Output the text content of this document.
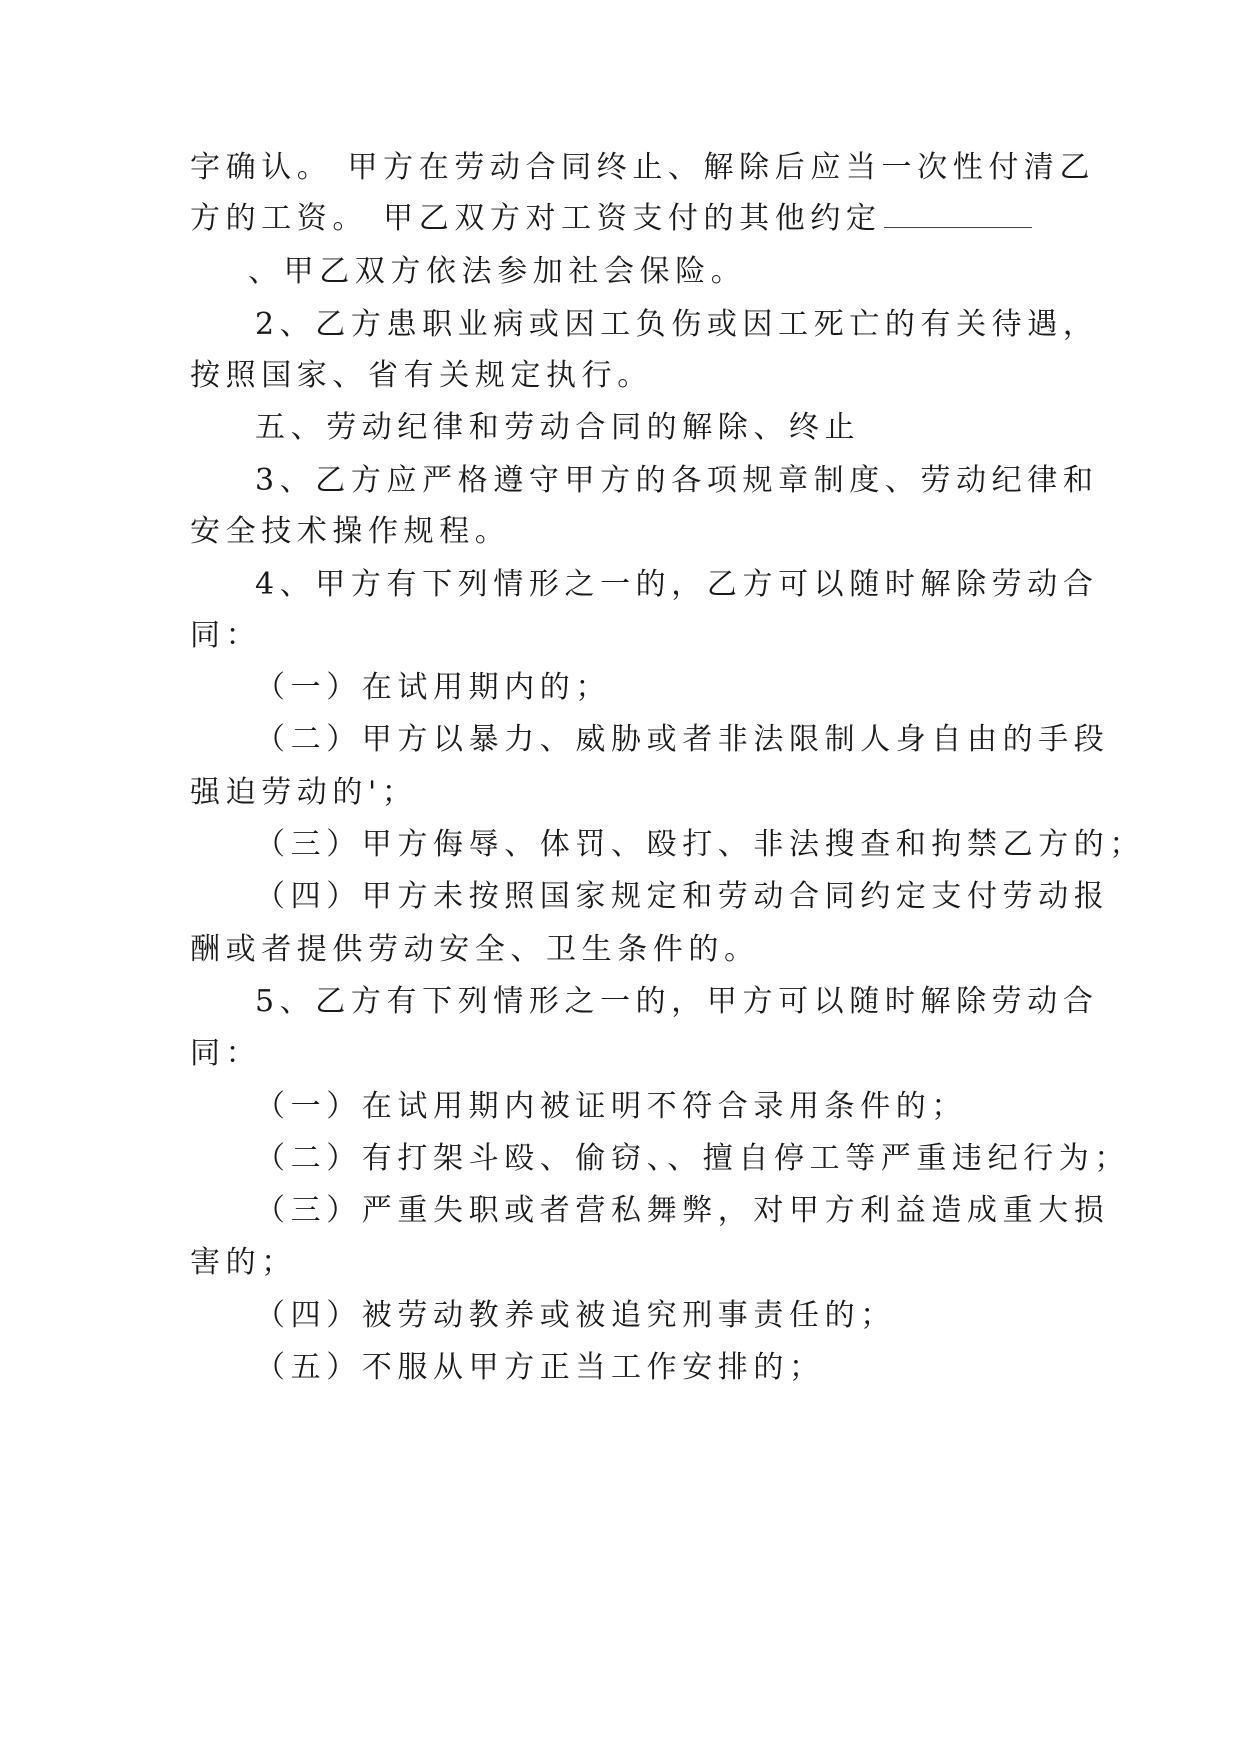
字确认。 甲方在劳动合同终止、解除后应当一次性付清乙
方的工资。 甲乙双方对工资支付的其他约定
、甲乙双方依法参加社会保险。
2、乙方患职业病或因工负伤或因工死亡的有关待遇，
按照国家、省有关规定执行。
五、劳动纪律和劳动合同的解除、终止
3、乙方应严格遵守甲方的各项规章制度、劳动纪律和
安全技术操作规程。
4、甲方有下列情形之一的，乙方可以随时解除劳动合
同：
（一）在试用期内的；
（二）甲方以暴力、威胁或者非法限制人身自由的手段
强迫劳动的'；
（三）甲方侮辱、体罚、殴打、非法搜查和拘禁乙方的；
（四）甲方未按照国家规定和劳动合同约定支付劳动报
酬或者提供劳动安全、卫生条件的。
5、乙方有下列情形之一的，甲方可以随时解除劳动合
同：
（一）在试用期内被证明不符合录用条件的；
（二）有打架斗殴、偷窃、、擅自停工等严重违纪行为；
（三）严重失职或者营私舞弊，对甲方利益造成重大损
害的；
（四）被劳动教养或被追究刑事责任的；
（五）不服从甲方正当工作安排的；
